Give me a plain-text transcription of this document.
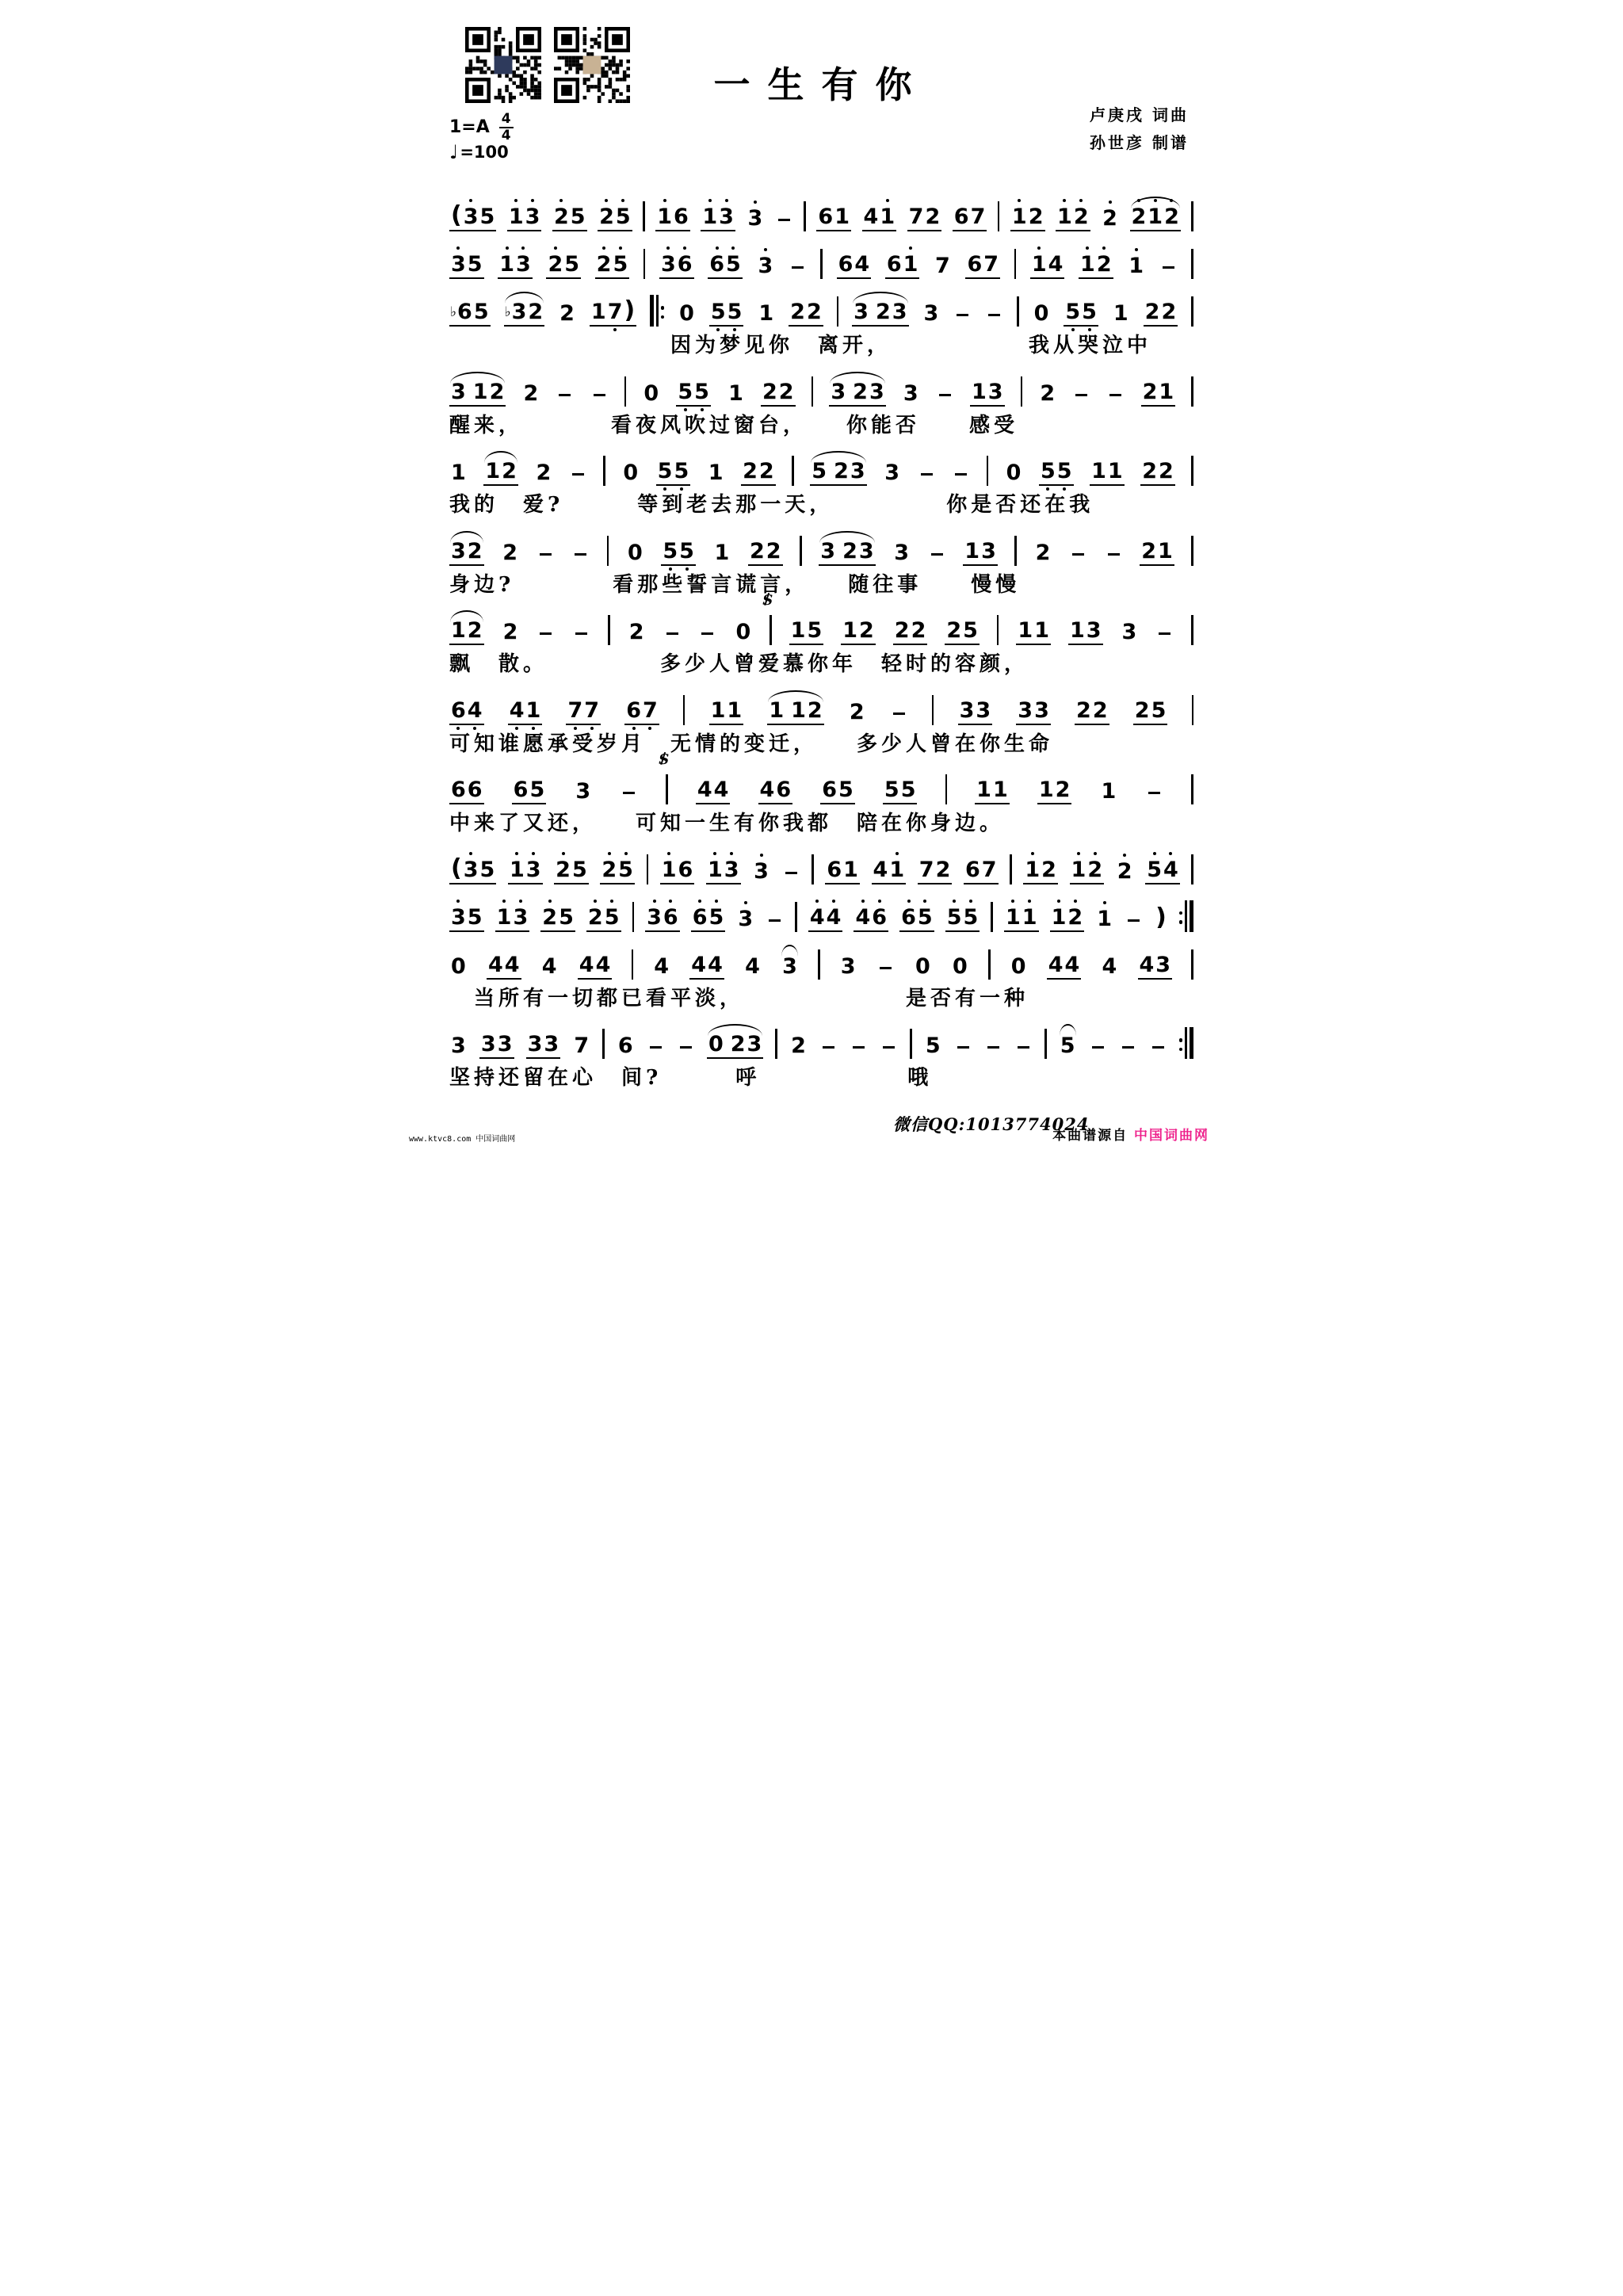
一生有你
卢庚戌 词曲
孙世彦 制谱
$1=A \frac{4}{4}$
♩ =100
( 3 5 1 3 2 5 2 5 1 6 1 3 3	6 1 4 1 7 2 6 7 1 2 1 2 2 2 1 2
3 5 1 3 2 5 2 5 3 6 6 5 3	6 4 6 1 7 6 7 1 4 1 2 1
♭ 6 5 ♭ 3 2 2 1 7 ) 0 5 5 1 2 2 3 2 3 3	0 5 5 1 2 2
　　　　　　　　　因为梦见你　离开，　　　　　　我从哭泣中
3 1 2 2	0 5 5 1 2 2 3 2 3 3 1 3 2	2 1
醒来，　　　　看夜风吹过窗台，　　你能否　　感受
1 1 2 2	0 5 5 1 2 2 5 2 3 3	0 5 5 1 1 2 2
我的　爱?　　　等到老去那一天，　　　　　你是否还在我
3 2 2	0 5 5 1 2 2 3 2 3 3	1 3 2	2 1
身边?　　　　看那些誓言谎言，　　随往事　　慢慢
1 2 2	2	0
S ∕
1 5 1 2 2 2 2 5 1 1 1 3 3
飘　散。　　　　　多少人曾爱慕你年　轻时的容颜，
6 4 4 1 7 7 6 7 1 1 1 1 2 2	3 3 3 3 2 2 2 5
可知谁愿承受岁月　无情的变迁，　　多少人曾在你生命
6 6 6 5 3
S ∕
4 4 4 6 6 5 5 5	1 1 1 2 1
中来了又还，　　可知一生有你我都　陪在你身边。
( 3 5 1 3 2 5 2 5 1 6 1 3 3	6 1 4 1 7 2 6 7 1 2 1 2 2 5 4
3 5 1 3 2 5 2 5 3 6 6 5 3	4 4 4 6 6 5 5 5 1 1 1 2 1 )
0 4 4 4 4 4 4 4 4 4 3 3	0 0 0 4 4 4 4 3
　当所有一切都已看平淡，　　　　　　　是否有一种
3 3 3 3 3 7 6	0 2 3 2	5	5
坚持还留在心　间?　　　呼　　　　　　哦
微信QQ:1013774024
www.ktvc8.com 中国词曲网	本曲谱源自 中国词曲网
